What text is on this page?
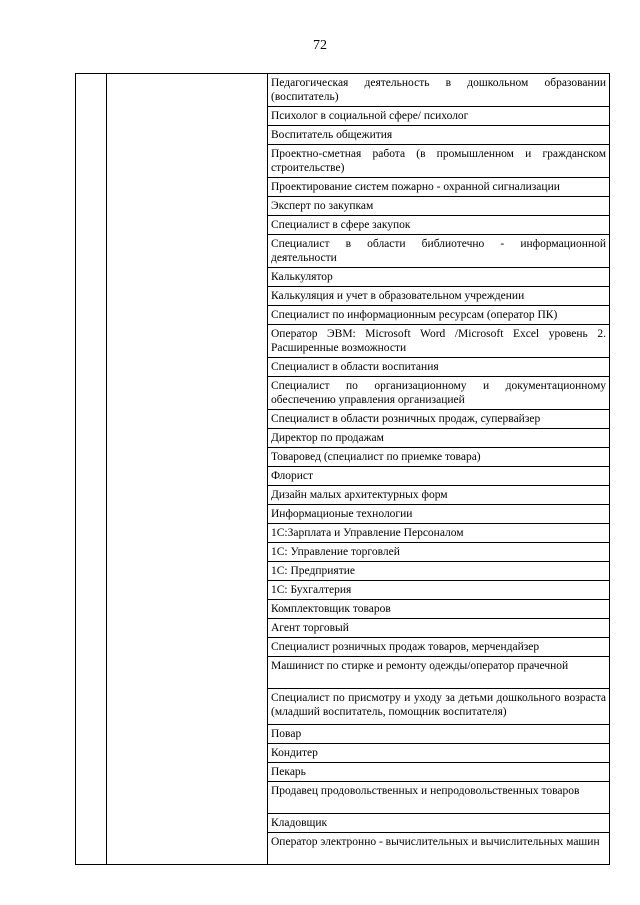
72
		Педагогическая деятельность в дошкольном образовании (воспитатель)
Психолог в социальной сфере/ психолог
Воспитатель общежития
Проектно-сметная работа (в промышленном и гражданском строительстве)
Проектирование систем пожарно - охранной сигнализации
Эксперт по закупкам
Специалист в сфере закупок
Специалист в области библиотечно - информационной деятельности
Калькулятор
Калькуляция и учет в образовательном учреждении
Специалист по информационным ресурсам (оператор ПК)
Оператор ЭВМ: Microsoft Word /Microsoft Excel уровень 2. Расширенные возможности
Специалист в области воспитания
Специалист по организационному и документационному обеспечению управления организацией
Специалист в области розничных продаж, супервайзер
Директор по продажам
Товаровед (специалист по приемке товара)
Флорист
Дизайн малых архитектурных форм
Информационые технологии
1С:Зарплата и Управление Персоналом
1С: Управление торговлей
1С: Предприятие
1С: Бухгалтерия
Комплектовщик товаров
Агент торговый
Специалист розничных продаж товаров, мерчендайзер
Машинист по стирке и ремонту одежды/оператор прачечной
Специалист по присмотру и уходу за детьми дошкольного возраста (младший воспитатель, помощник воспитателя)
Повар
Кондитер
Пекарь
Продавец продовольственных и непродовольственных товаров
Кладовщик
Оператор электронно - вычислительных и вычислительных машин
